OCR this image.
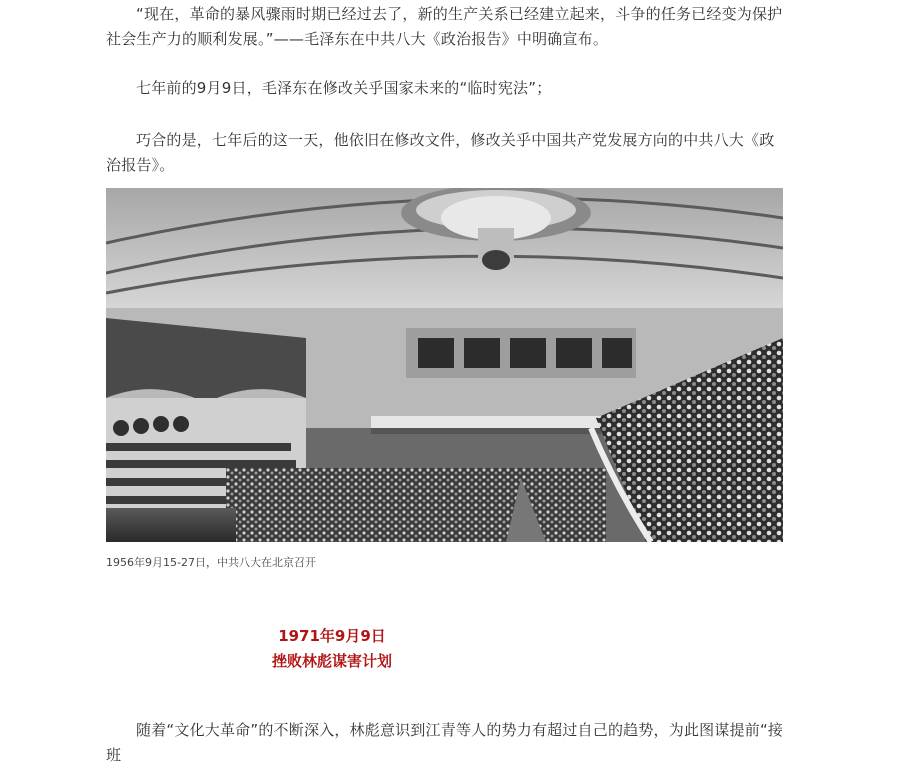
“现在，革命的暴风骤雨时期已经过去了，新的生产关系已经建立起来，斗争的任务已经变为保护社会生产力的顺利发展。”——毛泽东在中共八大《政治报告》中明确宣布。

七年前的9月9日，毛泽东在修改关乎国家未来的“临时宪法”；

巧合的是，七年后的这一天，他依旧在修改文件，修改关乎中国共产党发展方向的中共八大《政治报告》。

1956年9月15-27日，中共八大在北京召开

1971年9月9日

挫败林彪谋害计划

随着“文化大革命”的不断深入，林彪意识到江青等人的势力有超过自己的趋势，为此图谋提前“接班
